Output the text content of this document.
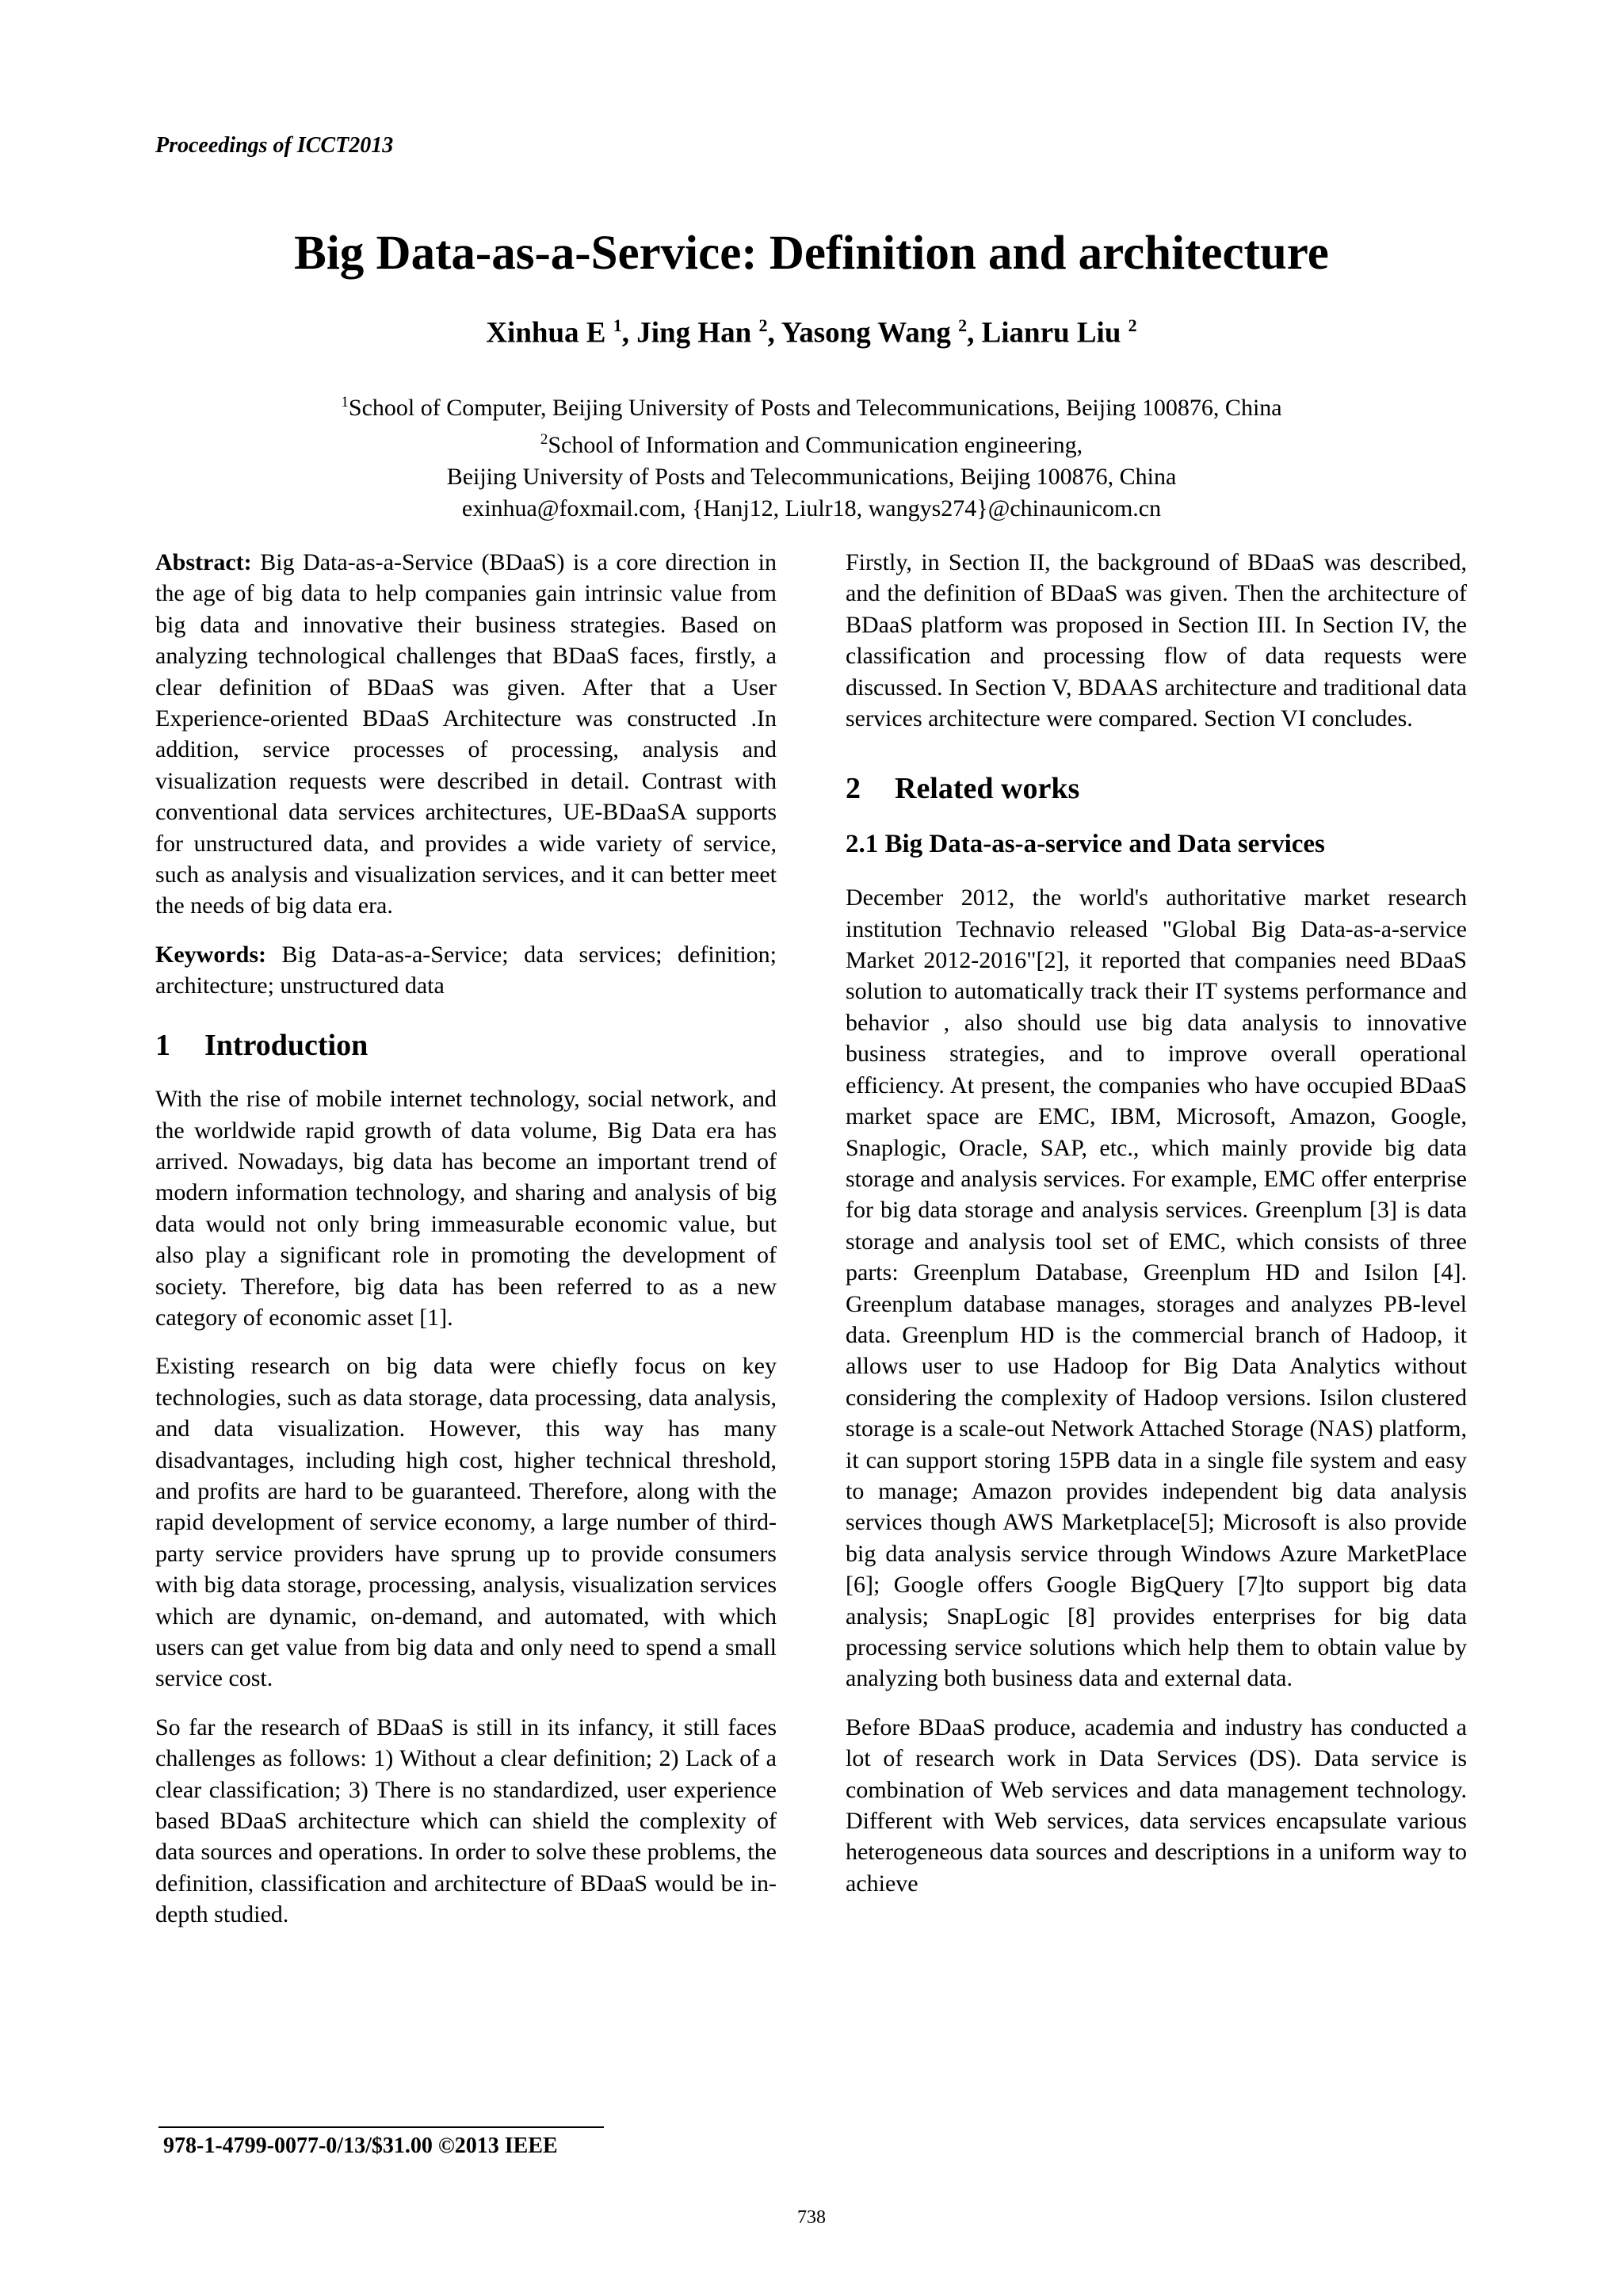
Proceedings of ICCT2013
Big Data-as-a-Service: Definition and architecture
Xinhua E $^1$, Jing Han $^2$, Yasong Wang $^2$, Lianru Liu $^2$
$^1$School of Computer, Beijing University of Posts and Telecommunications, Beijing 100876, China
$^2$School of Information and Communication engineering,
Beijing University of Posts and Telecommunications, Beijing 100876, China
exinhua@foxmail.com, {Hanj12, Liulr18, wangys274}@chinaunicom.cn

Abstract: Big Data-as-a-Service (BDaaS) is a core direction in the age of big data to help companies gain intrinsic value from big data and innovative their business strategies. Based on analyzing technological challenges that BDaaS faces, firstly, a clear definition of BDaaS was given. After that a User Experience-oriented BDaaS Architecture was constructed .In addition, service processes of processing, analysis and visualization requests were described in detail. Contrast with conventional data services architectures, UE-BDaaSA supports for unstructured data, and provides a wide variety of service, such as analysis and visualization services, and it can better meet the needs of big data era.

Keywords: Big Data-as-a-Service; data services; definition; architecture; unstructured data

1 Introduction

With the rise of mobile internet technology, social network, and the worldwide rapid growth of data volume, Big Data era has arrived. Nowadays, big data has become an important trend of modern information technology, and sharing and analysis of big data would not only bring immeasurable economic value, but also play a significant role in promoting the development of society. Therefore, big data has been referred to as a new category of economic asset [1].

Existing research on big data were chiefly focus on key technologies, such as data storage, data processing, data analysis, and data visualization. However, this way has many disadvantages, including high cost, higher technical threshold, and profits are hard to be guaranteed. Therefore, along with the rapid development of service economy, a large number of third-party service providers have sprung up to provide consumers with big data storage, processing, analysis, visualization services which are dynamic, on-demand, and automated, with which users can get value from big data and only need to spend a small service cost.

So far the research of BDaaS is still in its infancy, it still faces challenges as follows: 1) Without a clear definition; 2) Lack of a clear classification; 3) There is no standardized, user experience based BDaaS architecture which can shield the complexity of data sources and operations. In order to solve these problems, the definition, classification and architecture of BDaaS would be in-depth studied.

Firstly, in Section II, the background of BDaaS was described, and the definition of BDaaS was given. Then the architecture of BDaaS platform was proposed in Section III. In Section IV, the classification and processing flow of data requests were discussed. In Section V, BDAAS architecture and traditional data services architecture were compared. Section VI concludes.

2 Related works
2.1 Big Data-as-a-service and Data services

December 2012, the world's authoritative market research institution Technavio released "Global Big Data-as-a-service Market 2012-2016"[2], it reported that companies need BDaaS solution to automatically track their IT systems performance and behavior , also should use big data analysis to innovative business strategies, and to improve overall operational efficiency. At present, the companies who have occupied BDaaS market space are EMC, IBM, Microsoft, Amazon, Google, Snaplogic, Oracle, SAP, etc., which mainly provide big data storage and analysis services. For example, EMC offer enterprise for big data storage and analysis services. Greenplum [3] is data storage and analysis tool set of EMC, which consists of three parts: Greenplum Database, Greenplum HD and Isilon [4]. Greenplum database manages, storages and analyzes PB-level data. Greenplum HD is the commercial branch of Hadoop, it allows user to use Hadoop for Big Data Analytics without considering the complexity of Hadoop versions. Isilon clustered storage is a scale-out Network Attached Storage (NAS) platform, it can support storing 15PB data in a single file system and easy to manage; Amazon provides independent big data analysis services though AWS Marketplace[5]; Microsoft is also provide big data analysis service through Windows Azure MarketPlace [6]; Google offers Google BigQuery [7]to support big data analysis; SnapLogic [8] provides enterprises for big data processing service solutions which help them to obtain value by analyzing both business data and external data.

Before BDaaS produce, academia and industry has conducted a lot of research work in Data Services (DS). Data service is combination of Web services and data management technology. Different with Web services, data services encapsulate various heterogeneous data sources and descriptions in a uniform way to achieve

978-1-4799-0077-0/13/$31.00 ©2013 IEEE
738
